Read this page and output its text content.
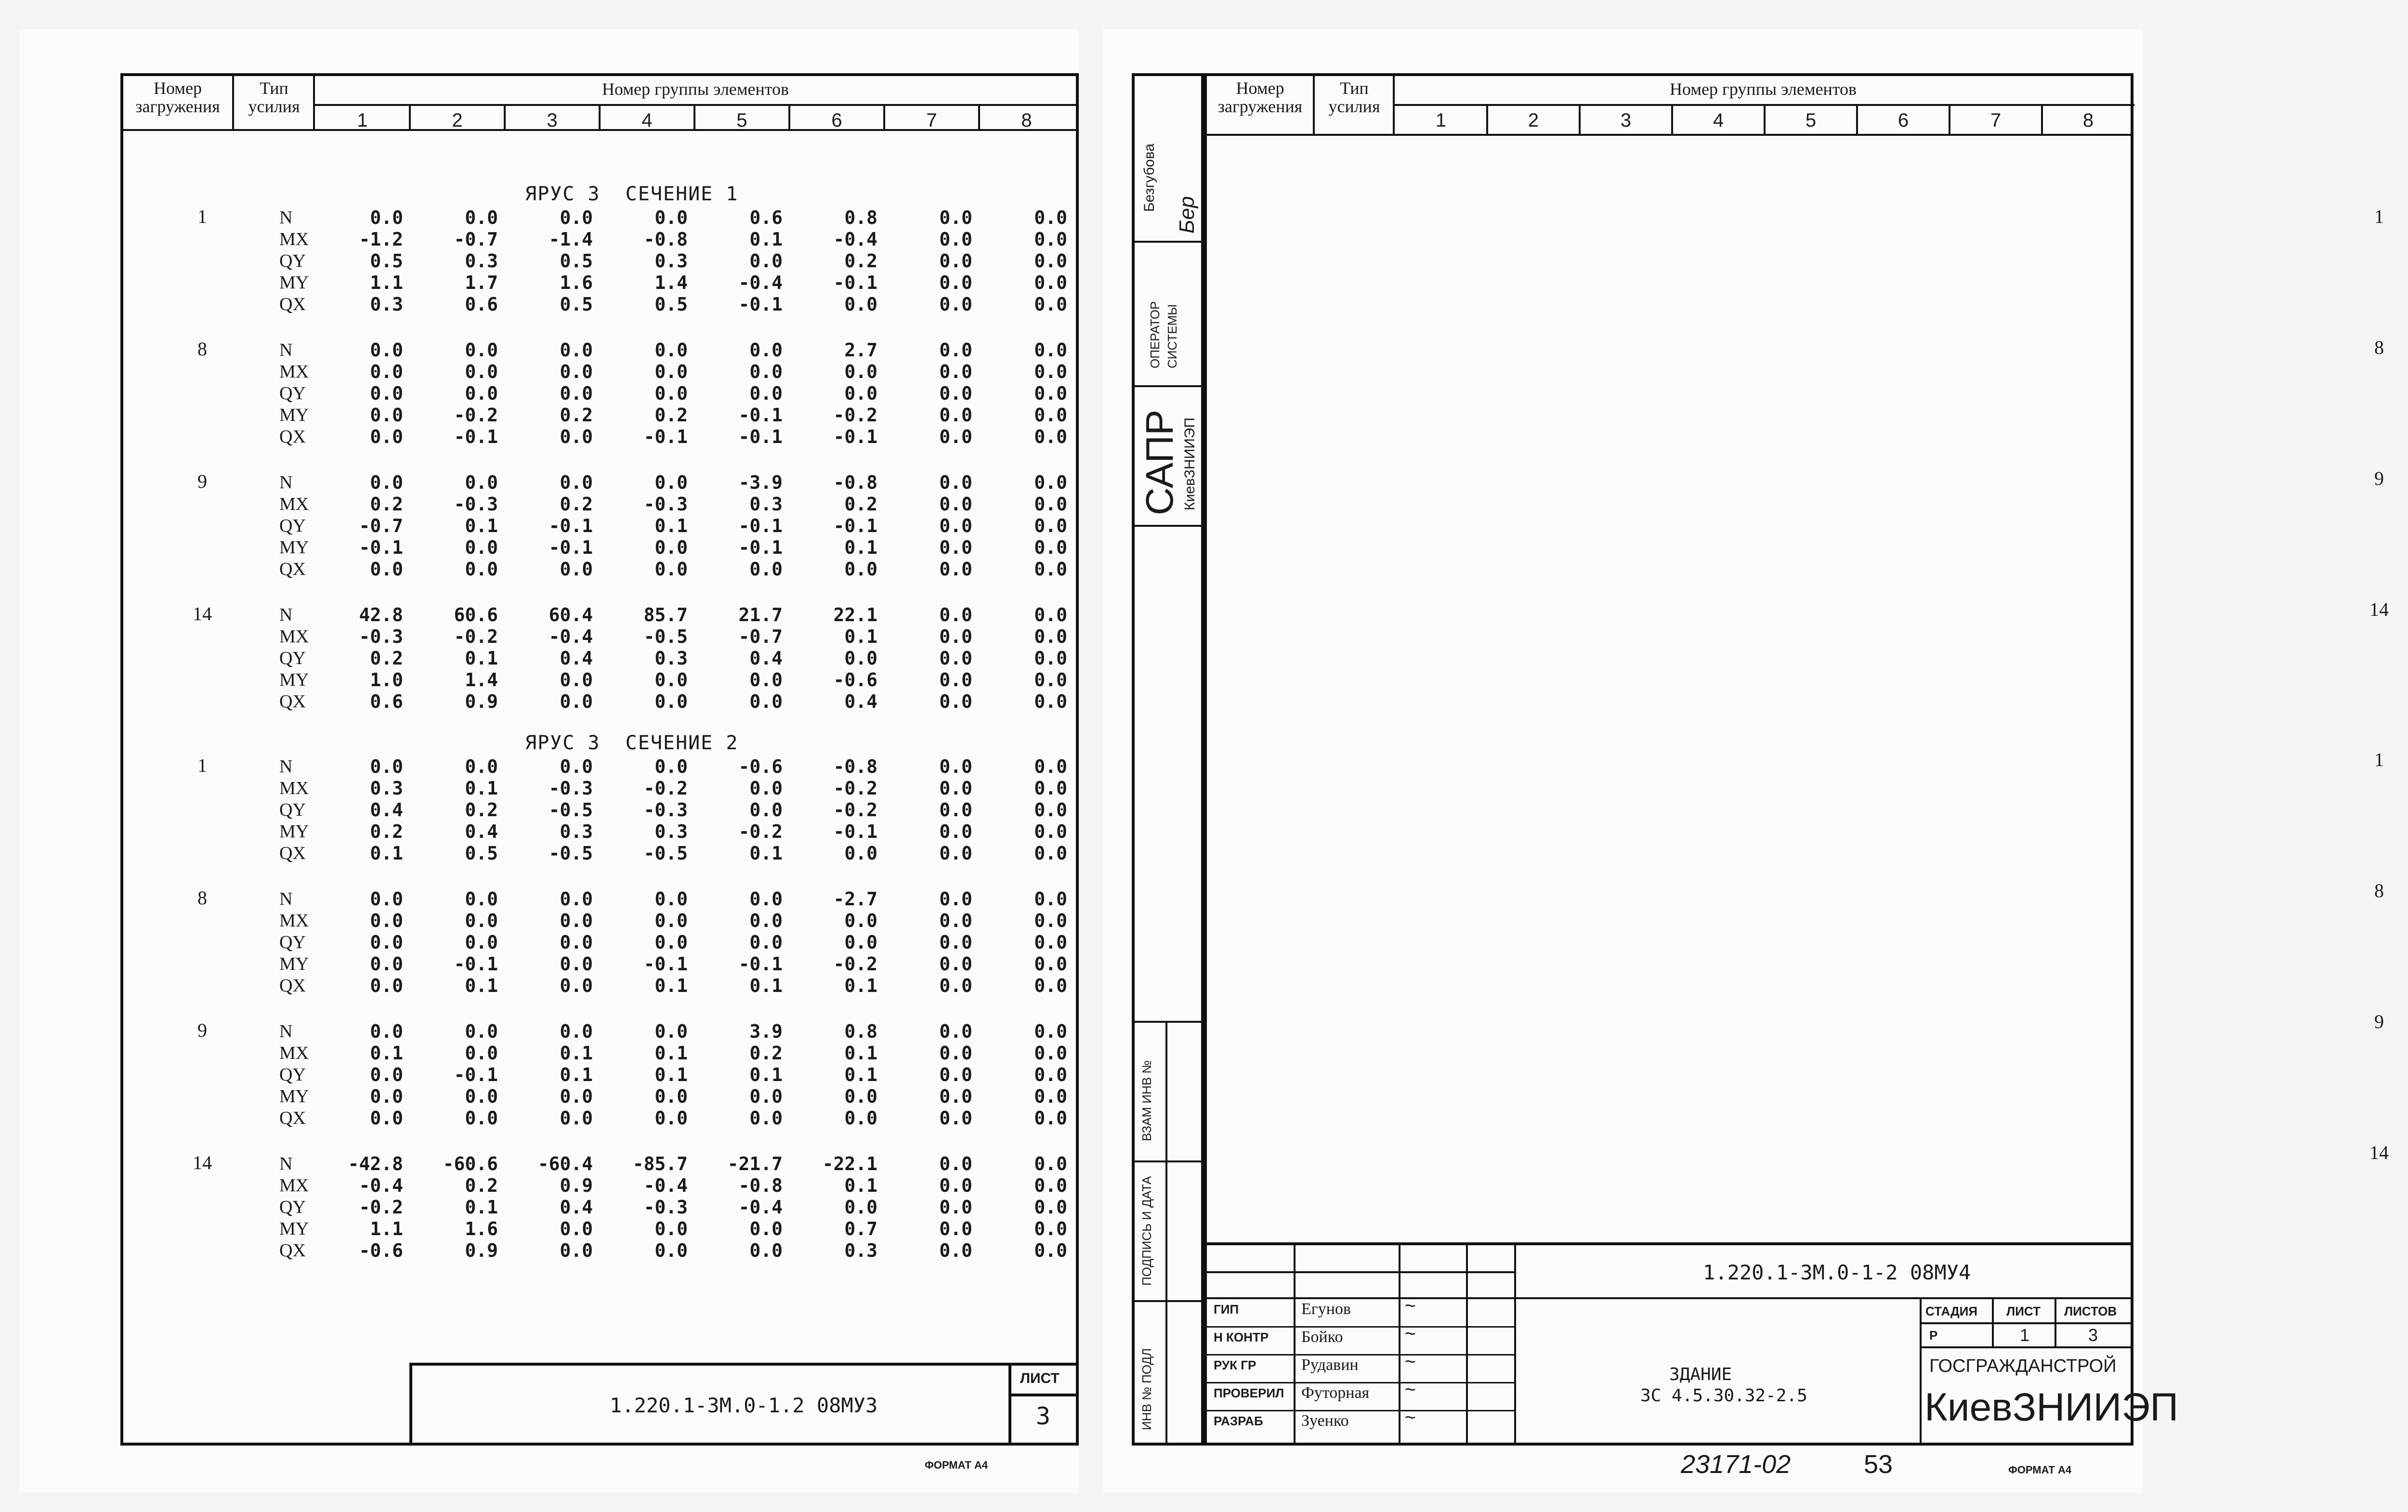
Номер загружения
Тип усилия
Номер группы элементов
1	2	3	4	5	6	7	8
ЯРУС 3  СЕЧЕНИЕ 1
1	N	0.0	0.0	0.0	0.0	0.6	0.8	0.0	0.0
MX	-1.2	-0.7	-1.4	-0.8	0.1	-0.4	0.0	0.0
QY	0.5	0.3	0.5	0.3	0.0	0.2	0.0	0.0
MY	1.1	1.7	1.6	1.4	-0.4	-0.1	0.0	0.0
QX	0.3	0.6	0.5	0.5	-0.1	0.0	0.0	0.0
8	N	0.0	0.0	0.0	0.0	0.0	2.7	0.0	0.0
MX	0.0	0.0	0.0	0.0	0.0	0.0	0.0	0.0
QY	0.0	0.0	0.0	0.0	0.0	0.0	0.0	0.0
MY	0.0	-0.2	0.2	0.2	-0.1	-0.2	0.0	0.0
QX	0.0	-0.1	0.0	-0.1	-0.1	-0.1	0.0	0.0
9	N	0.0	0.0	0.0	0.0	-3.9	-0.8	0.0	0.0
MX	0.2	-0.3	0.2	-0.3	0.3	0.2	0.0	0.0
QY	-0.7	0.1	-0.1	0.1	-0.1	-0.1	0.0	0.0
MY	-0.1	0.0	-0.1	0.0	-0.1	0.1	0.0	0.0
QX	0.0	0.0	0.0	0.0	0.0	0.0	0.0	0.0
14	N	42.8	60.6	60.4	85.7	21.7	22.1	0.0	0.0
MX	-0.3	-0.2	-0.4	-0.5	-0.7	0.1	0.0	0.0
QY	0.2	0.1	0.4	0.3	0.4	0.0	0.0	0.0
MY	1.0	1.4	0.0	0.0	0.0	-0.6	0.0	0.0
QX	0.6	0.9	0.0	0.0	0.0	0.4	0.0	0.0
ЯРУС 3  СЕЧЕНИЕ 2
1	N	0.0	0.0	0.0	0.0	-0.6	-0.8	0.0	0.0
MX	0.3	0.1	-0.3	-0.2	0.0	-0.2	0.0	0.0
QY	0.4	0.2	-0.5	-0.3	0.0	-0.2	0.0	0.0
MY	0.2	0.4	0.3	0.3	-0.2	-0.1	0.0	0.0
QX	0.1	0.5	-0.5	-0.5	0.1	0.0	0.0	0.0
8	N	0.0	0.0	0.0	0.0	0.0	-2.7	0.0	0.0
MX	0.0	0.0	0.0	0.0	0.0	0.0	0.0	0.0
QY	0.0	0.0	0.0	0.0	0.0	0.0	0.0	0.0
MY	0.0	-0.1	0.0	-0.1	-0.1	-0.2	0.0	0.0
QX	0.0	0.1	0.0	0.1	0.1	0.1	0.0	0.0
9	N	0.0	0.0	0.0	0.0	3.9	0.8	0.0	0.0
MX	0.1	0.0	0.1	0.1	0.2	0.1	0.0	0.0
QY	0.0	-0.1	0.1	0.1	0.1	0.1	0.0	0.0
MY	0.0	0.0	0.0	0.0	0.0	0.0	0.0	0.0
QX	0.0	0.0	0.0	0.0	0.0	0.0	0.0	0.0
14	N	-42.8	-60.6	-60.4	-85.7	-21.7	-22.1	0.0	0.0
MX	-0.4	0.2	0.9	-0.4	-0.8	0.1	0.0	0.0
QY	-0.2	0.1	0.4	-0.3	-0.4	0.0	0.0	0.0
MY	1.1	1.6	0.0	0.0	0.0	0.7	0.0	0.0
QX	-0.6	0.9	0.0	0.0	0.0	0.3	0.0	0.0
1.220.1-3М.0-1.2 08МУ3
ЛИСТ
3
ФОРМАТ А4
Безгубова
Бер
ОПЕРАТОР СИСТЕМЫ
САПР КиевЗНИИЭП
ВЗАМ ИНВ №
ПОДПИСЬ И ДАТА
ИНВ № ПОДЛ
Номер загружения
Тип усилия
Номер группы элементов
1	2	3	4	5	6	7	8
1
8
9
14
1
8
9
14
1.220.1-3М.0-1-2 08МУ4
ГИП	Егунов	~
Н КОНТР Бойко	~
РУК ГР	Рудавин ~
ПРОВЕРИЛ Футорная ~
РАЗРАБ Зуенко	~
ЗДАНИЕ
3С 4.5.30.32-2.5
СТАДИЯ ЛИСТ ЛИСТОВ
Р	1	3
ГОСГРАЖДАНСТРОЙ
КиевЗНИИЭП
23171-02	53	ФОРМАТ А4
